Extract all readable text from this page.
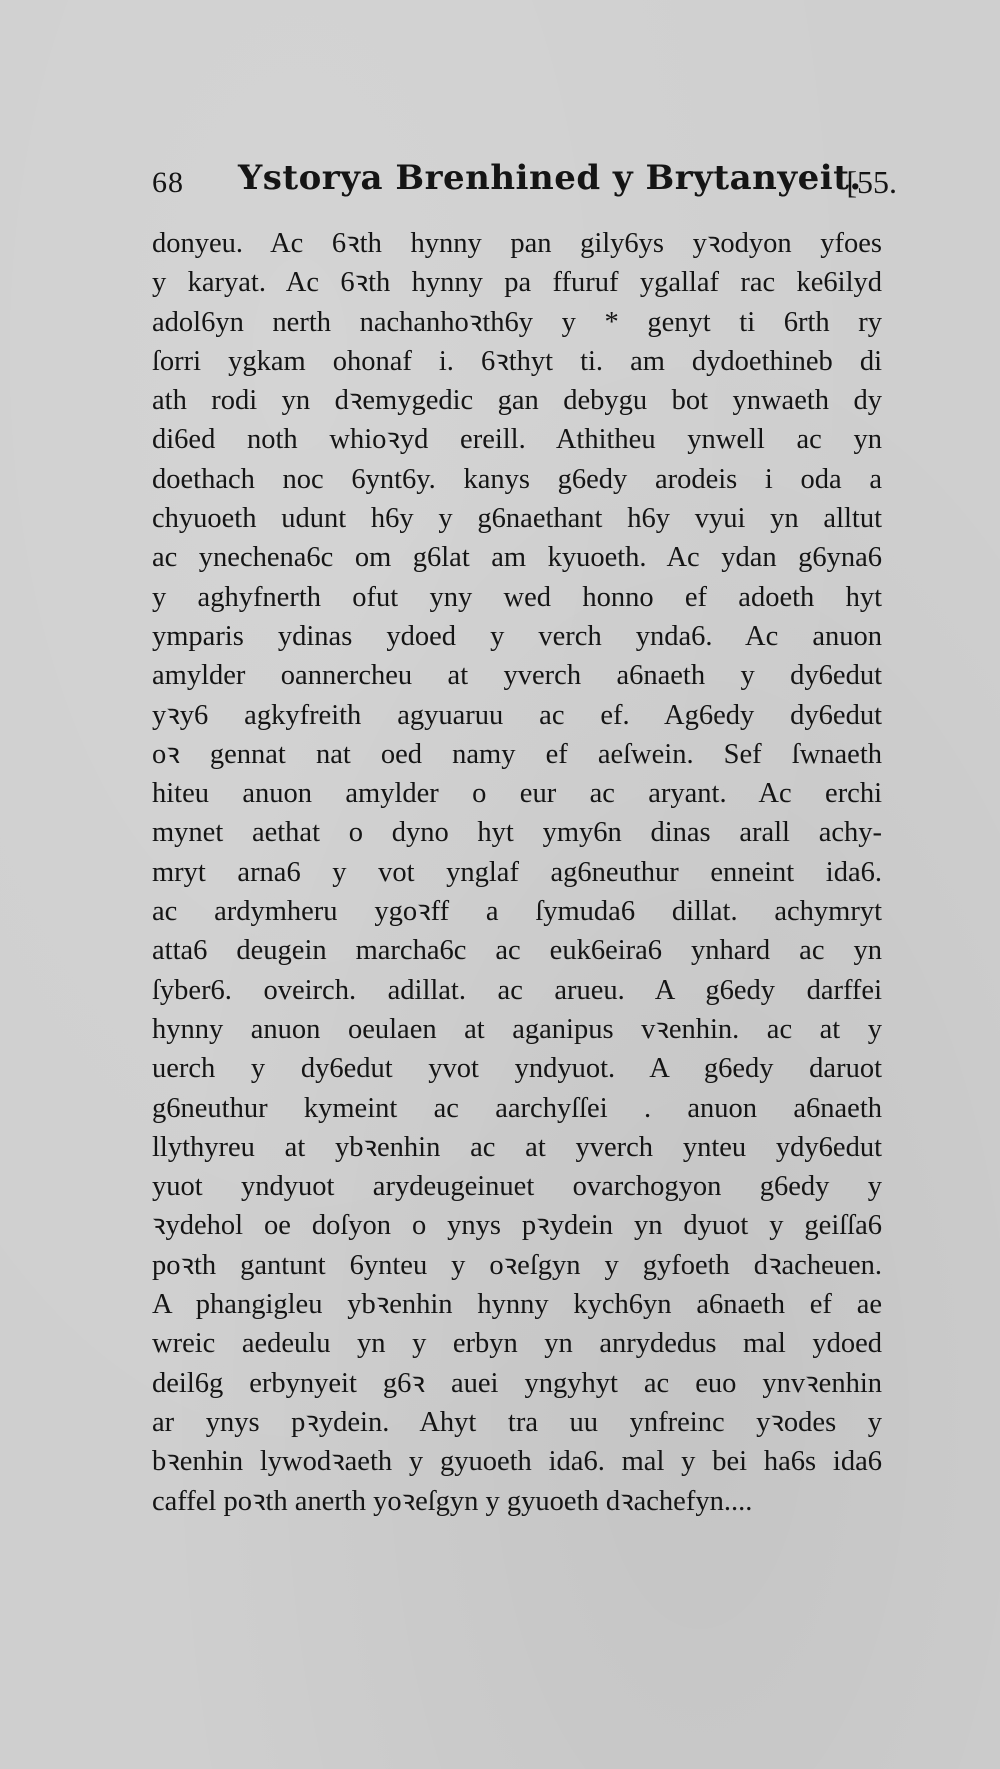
68 Ystorya Brenhined y Brytanyeit.
[55.
donyeu. Ac 6ꝛth hynny pan gily6ys yꝛodyon yfoes
y karyat. Ac 6ꝛth hynny pa ffuruf ygallaf rac ke6ilyd
adol6yn nerth nachanhoꝛth6y y * genyt ti 6rth ry
ſorri ygkam ohonaf i. 6ꝛthyt ti. am dydoethineb di
ath rodi yn dꝛemygedic gan debygu bot ynwaeth dy
di6ed noth whioꝛyd ereill. Athitheu ynwell ac yn
doethach noc 6ynt6y. kanys g6edy arodeis i oda a
chyuoeth udunt h6y y g6naethant h6y vyui yn alltut
ac ynechena6c om g6lat am kyuoeth. Ac ydan g6yna6
y aghyfnerth ofut yny wed honno ef adoeth hyt
ymparis ydinas ydoed y verch ynda6. Ac anuon
amylder oannercheu at yverch a6naeth y dy6edut
yꝛy6 agkyfreith agyuaruu ac ef. Ag6edy dy6edut
oꝛ gennat nat oed namy ef aeſwein. Sef ſwnaeth
hiteu anuon amylder o eur ac aryant. Ac erchi
mynet aethat o dyno hyt ymy6n dinas arall achy-
mryt arna6 y vot ynglaf ag6neuthur enneint ida6.
ac ardymheru ygoꝛff a ſymuda6 dillat. achymryt
atta6 deugein marcha6c ac euk6eira6 ynhard ac yn
ſyber6. oveirch. adillat. ac arueu. A g6edy darffei
hynny anuon oeulaen at aganipus vꝛenhin. ac at y
uerch y dy6edut yvot yndyuot. A g6edy daruot
g6neuthur kymeint ac aarchyſſei . anuon a6naeth
llythyreu at ybꝛenhin ac at yverch ynteu ydy6edut
yuot yndyuot arydeugeinuet ovarchogyon g6edy y
ꝛydehol oe doſyon o ynys pꝛydein yn dyuot y geiſſa6
poꝛth gantunt 6ynteu y oꝛeſgyn y gyfoeth dꝛacheuen.
A phangigleu ybꝛenhin hynny kych6yn a6naeth ef ae
wreic aedeulu yn y erbyn yn anrydedus mal ydoed
deil6g erbynyeit g6ꝛ auei yngyhyt ac euo ynvꝛenhin
ar ynys pꝛydein. Ahyt tra uu ynfreinc yꝛodes y
bꝛenhin lywodꝛaeth y gyuoeth ida6. mal y bei ha6s ida6
caffel poꝛth anerth yoꝛeſgyn y gyuoeth dꝛachefyn....
